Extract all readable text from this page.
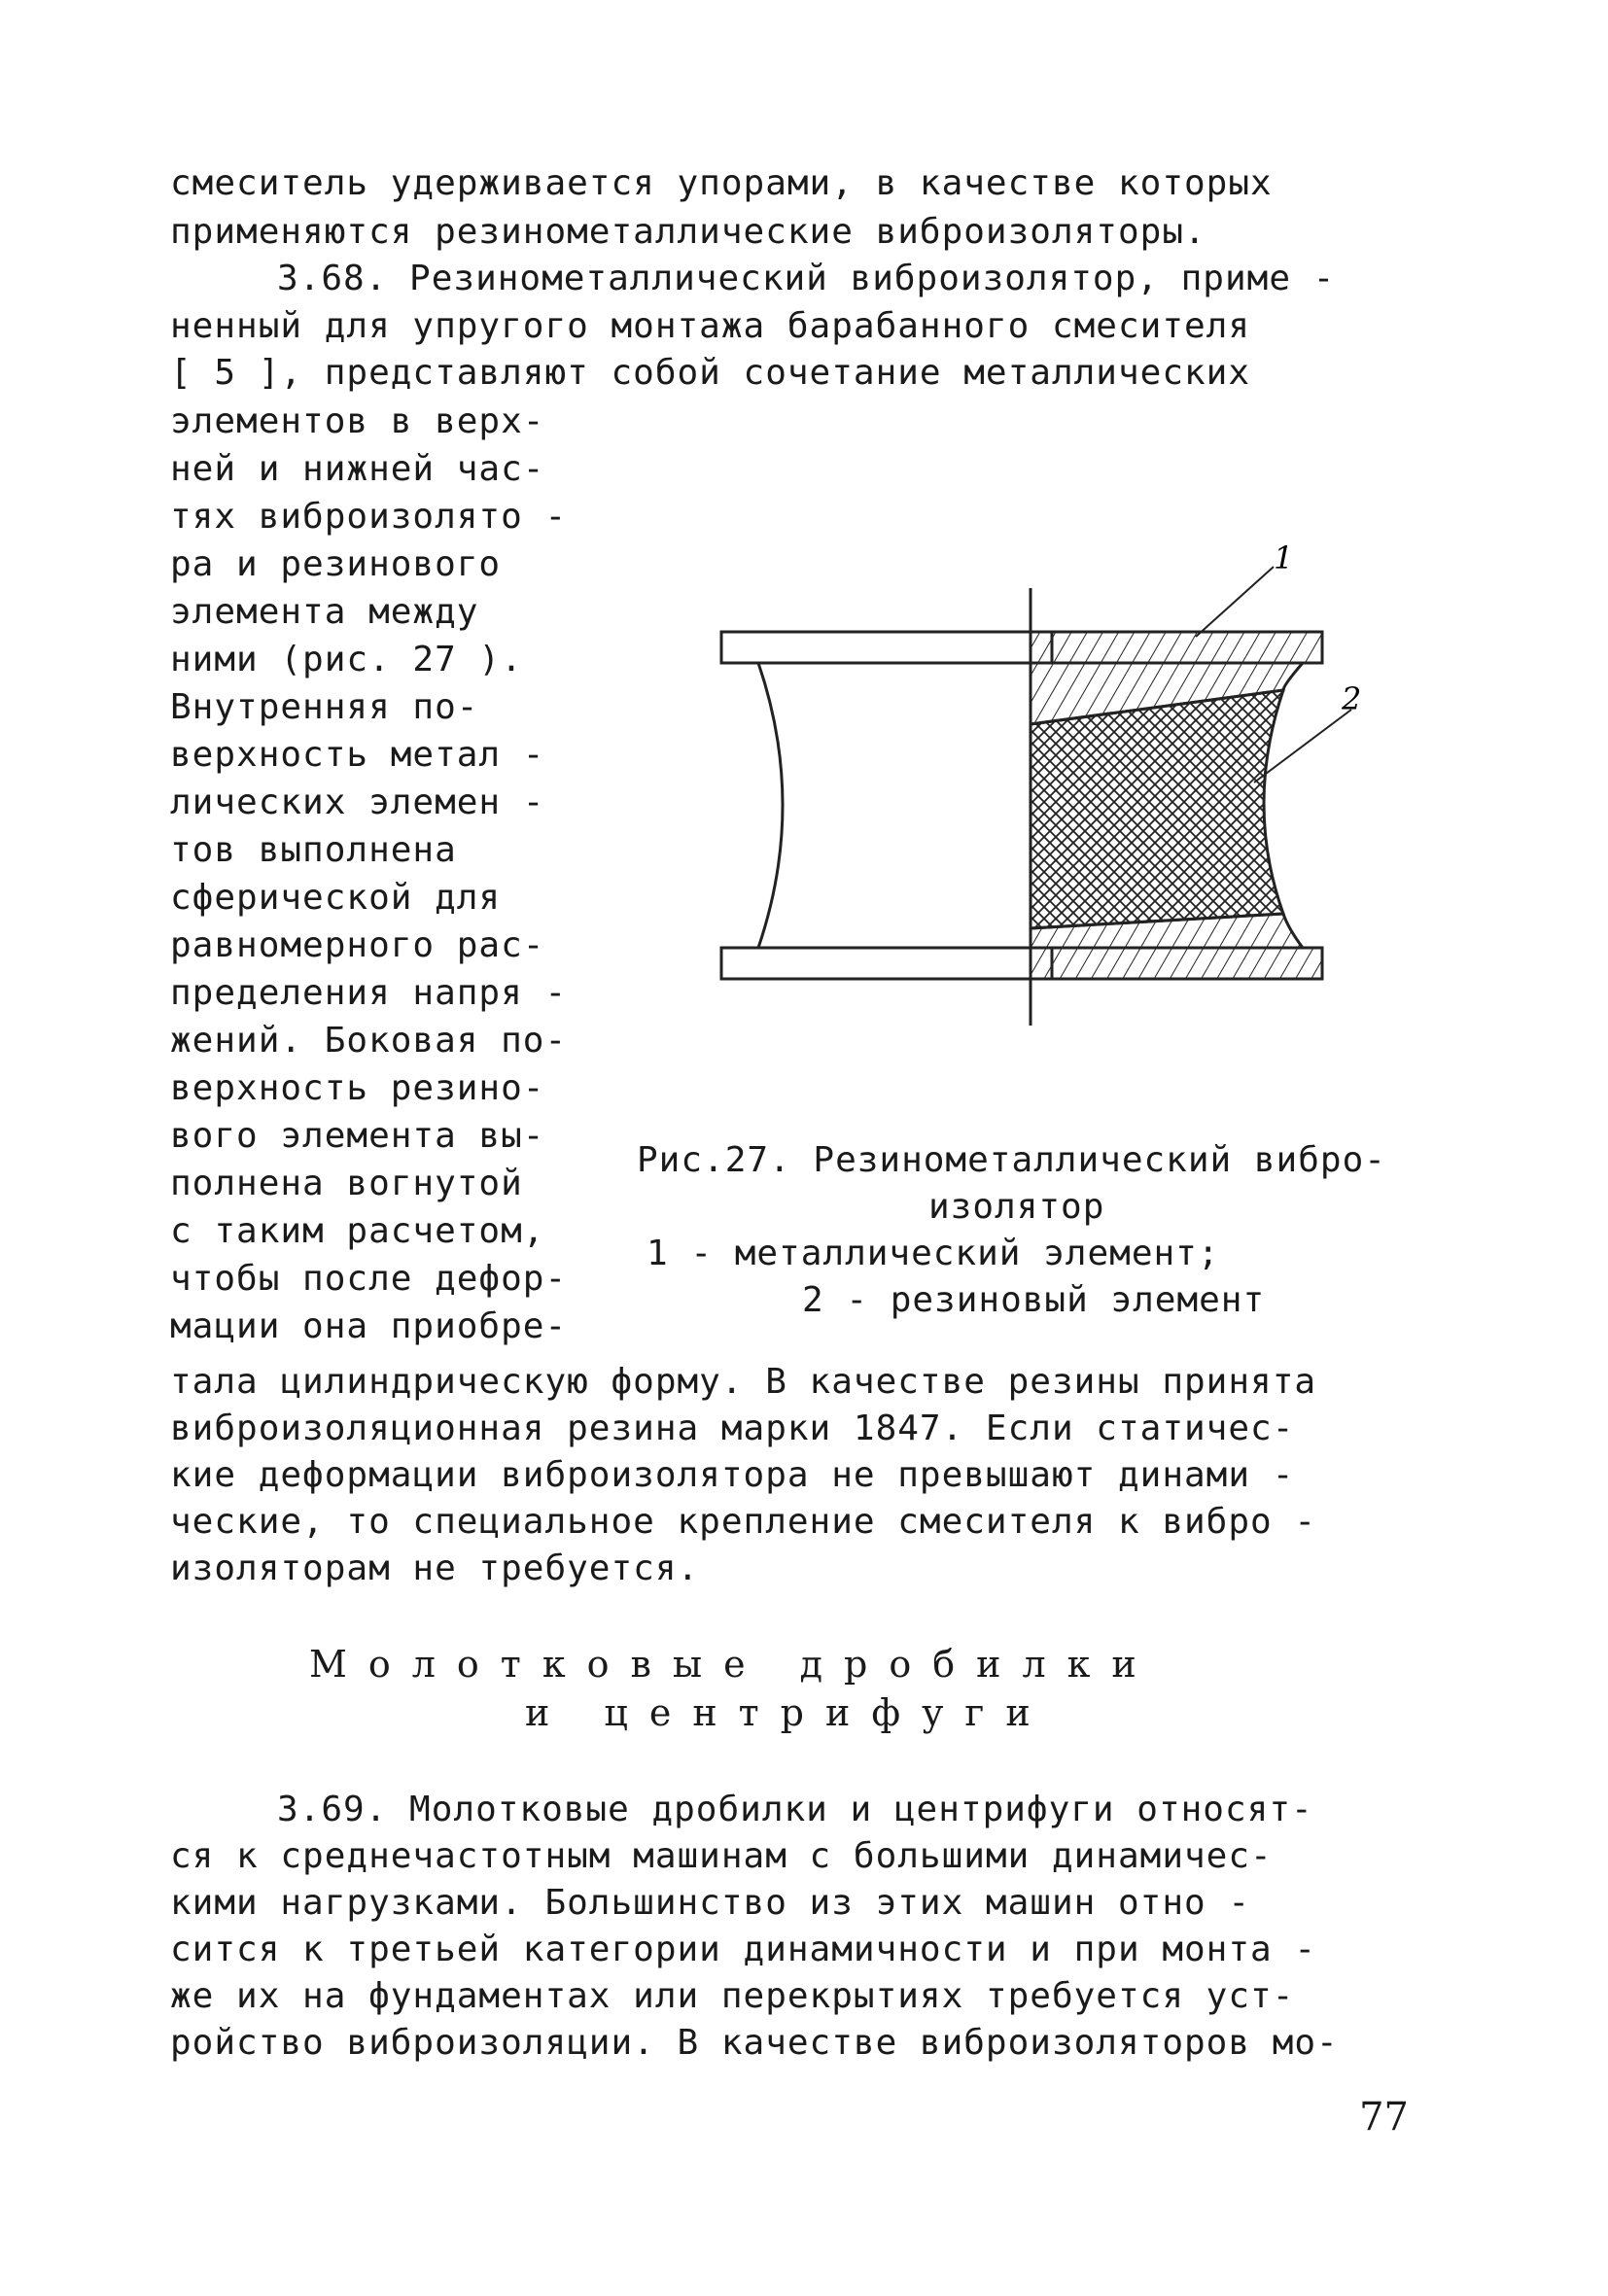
смеситель удерживается упорами, в качестве которых
применяются резинометаллические виброизоляторы.
3.68. Резинометаллический виброизолятор, приме -
ненный для упругого монтажа барабанного смесителя
[ 5 ], представляют собой сочетание металлических
элементов в верх-
ней и нижней час-
тях виброизолято -
ра и резинового
элемента между
ними (рис. 27 ).
Внутренняя по-
верхность метал -
лических элемен -
тов выполнена
сферической для
равномерного рас-
пределения напря -
жений. Боковая по-
верхность резино-
вого элемента вы-
полнена вогнутой
с таким расчетом,
чтобы после дефор-
мации она приобре-
1
2
Рис.27. Резинометаллический вибро-
изолятор
1 - металлический элемент;
2 - резиновый элемент
тала цилиндрическую форму. В качестве резины принята
виброизоляционная резина марки 1847. Если статичес-
кие деформации виброизолятора не превышают динами -
ческие, то специальное крепление смесителя к вибро -
изоляторам не требуется.
Молотковые дробилки
и центрифуги
3.69. Молотковые дробилки и центрифуги относят-
ся к среднечастотным машинам с большими динамичес-
кими нагрузками. Большинство из этих машин отно -
сится к третьей категории динамичности и при монта -
же их на фундаментах или перекрытиях требуется уст-
ройство виброизоляции. В качестве виброизоляторов мо-
77
